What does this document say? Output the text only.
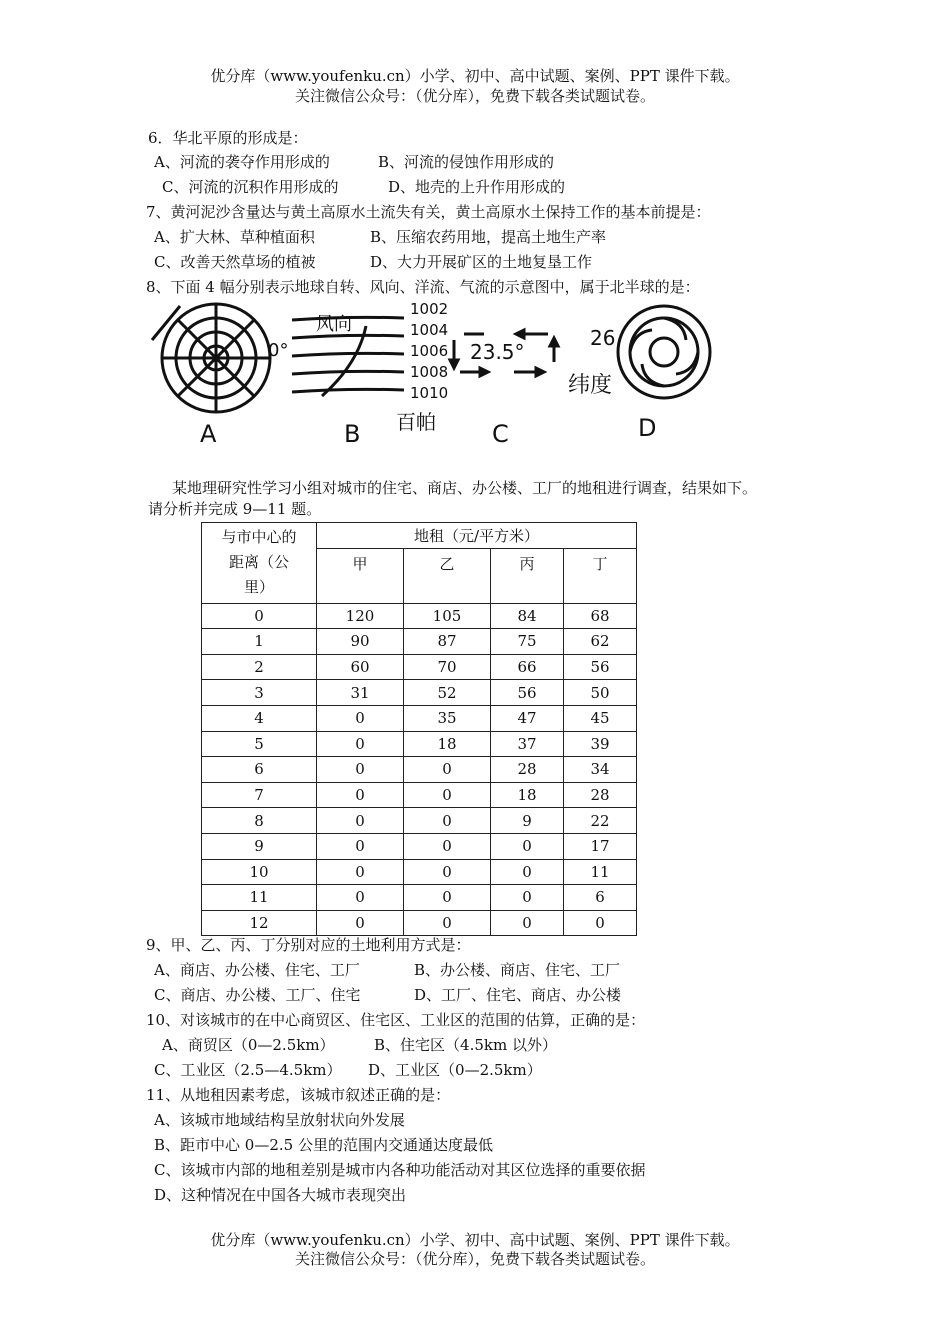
优分库（www.youfenku.cn）小学、初中、高中试题、案例、PPT 课件下载。
关注微信公众号：（优分库），免费下载各类试题试卷。
6．华北平原的形成是：
A、河流的袭夺作用形成的	B、河流的侵蚀作用形成的
C、河流的沉积作用形成的	D、地壳的上升作用形成的
7、黄河泥沙含量达与黄土高原水土流失有关，黄土高原水土保持工作的基本前提是：
A、扩大林、草种植面积	B、压缩农药用地，提高土地生产率
C、改善天然草场的植被	D、大力开展矿区的土地复垦工作
8、下面 4 幅分别表示地球自转、风向、洋流、气流的示意图中，属于北半球的是：
0°
A
风向
1002
1004
1006
1008
1010
百帕
B
23.5°
C
26
纬度
D
某地理研究性学习小组对城市的住宅、商店、办公楼、工厂的地租进行调查，结果如下。
请分析并完成 9—11 题。
与市中心的
距离（公
里）	地租（元/平方米）			
	甲	乙	丙	丁
0	120	105	84	68
1	90	87	75	62
2	60	70	66	56
3	31	52	56	50
4	0	35	47	45
5	0	18	37	39
6	0	0	28	34
7	0	0	18	28
8	0	0	9	22
9	0	0	0	17
10	0	0	0	11
11	0	0	0	6
12	0	0	0	0
9、甲、乙、丙、丁分别对应的土地利用方式是：
A、商店、办公楼、住宅、工厂	B、办公楼、商店、住宅、工厂
C、商店、办公楼、工厂、住宅	D、工厂、住宅、商店、办公楼
10、对该城市的在中心商贸区、住宅区、工业区的范围的估算，正确的是：
A、商贸区（0—2.5km）	B、住宅区（4.5km 以外）
C、工业区（2.5—4.5km） D、工业区（0—2.5km）
11、从地租因素考虑，该城市叙述正确的是：
A、该城市地域结构呈放射状向外发展
B、距市中心 0—2.5 公里的范围内交通通达度最低
C、该城市内部的地租差别是城市内各种功能活动对其区位选择的重要依据
D、这种情况在中国各大城市表现突出
优分库（www.youfenku.cn）小学、初中、高中试题、案例、PPT 课件下载。
关注微信公众号：（优分库），免费下载各类试题试卷。
